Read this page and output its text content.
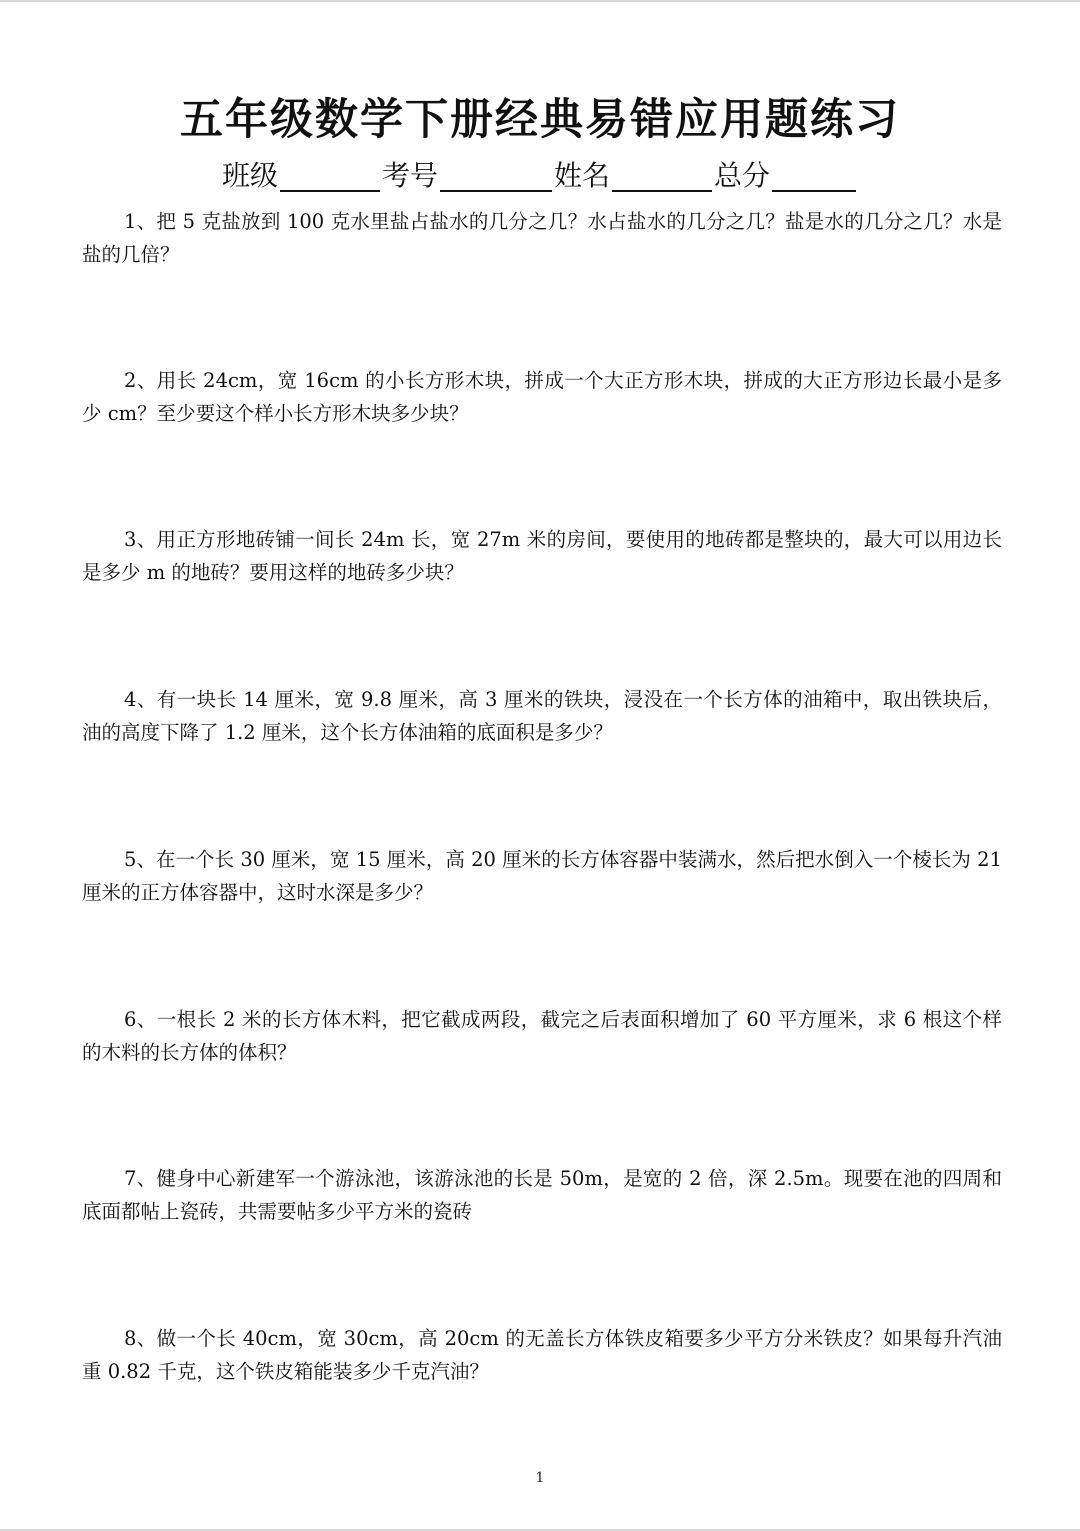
五年级数学下册经典易错应用题练习
班级	考号	姓名	总分
1、把 5 克盐放到 100 克水里盐占盐水的几分之几？水占盐水的几分之几？盐是水的几分之几？水是盐的几倍？
2、用长 24cm，宽 16cm 的小长方形木块，拼成一个大正方形木块，拼成的大正方形边长最小是多少 cm？至少要这个样小长方形木块多少块？
3、用正方形地砖铺一间长 24m 长，宽 27m 米的房间，要使用的地砖都是整块的，最大可以用边长是多少 m 的地砖？要用这样的地砖多少块？
4、有一块长 14 厘米，宽 9.8 厘米，高 3 厘米的铁块，浸没在一个长方体的油箱中，取出铁块后，油的高度下降了 1.2 厘米，这个长方体油箱的底面积是多少？
5、在一个长 30 厘米，宽 15 厘米，高 20 厘米的长方体容器中装满水，然后把水倒入一个棱长为 21 厘米的正方体容器中，这时水深是多少？
6、一根长 2 米的长方体木料，把它截成两段，截完之后表面积增加了 60 平方厘米，求 6 根这个样的木料的长方体的体积？
7、健身中心新建军一个游泳池，该游泳池的长是 50m，是宽的 2 倍，深 2.5m。现要在池的四周和底面都帖上瓷砖，共需要帖多少平方米的瓷砖
8、做一个长 40cm，宽 30cm，高 20cm 的无盖长方体铁皮箱要多少平方分米铁皮？如果每升汽油重 0.82 千克，这个铁皮箱能装多少千克汽油？
1
